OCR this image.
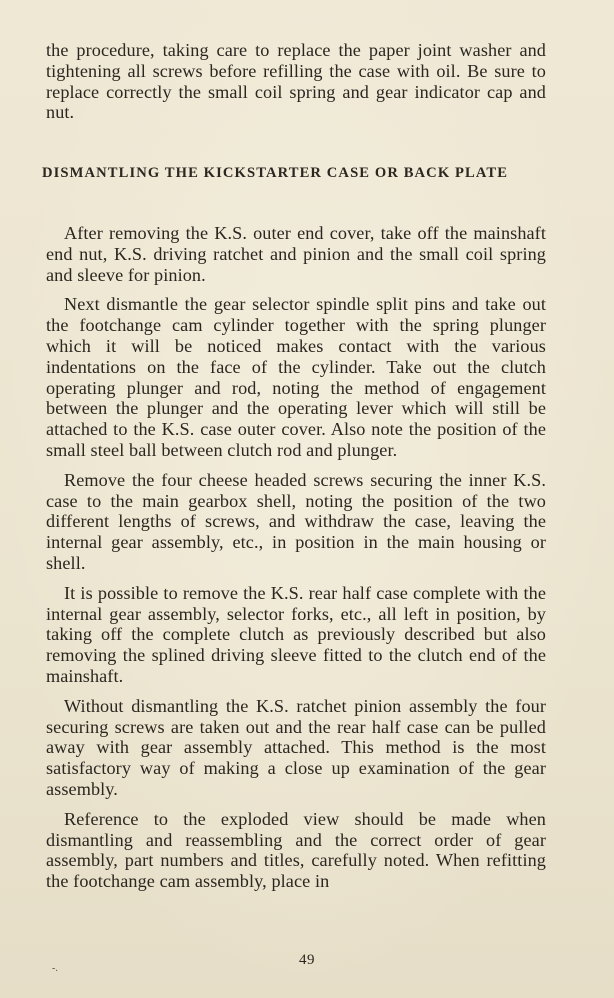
the procedure, taking care to replace the paper joint washer and tightening all screws before refilling the case with oil. Be sure to replace correctly the small coil spring and gear indicator cap and nut.

DISMANTLING THE KICKSTARTER CASE OR BACK PLATE

After removing the K.S. outer end cover, take off the mainshaft end nut, K.S. driving ratchet and pinion and the small coil spring and sleeve for pinion.

Next dismantle the gear selector spindle split pins and take out the footchange cam cylinder together with the spring plunger which it will be noticed makes contact with the various indentations on the face of the cylinder. Take out the clutch operating plunger and rod, noting the method of engagement between the plunger and the operating lever which will still be attached to the K.S. case outer cover. Also note the position of the small steel ball between clutch rod and plunger.

Remove the four cheese headed screws securing the inner K.S. case to the main gearbox shell, noting the position of the two different lengths of screws, and withdraw the case, leaving the internal gear assembly, etc., in position in the main housing or shell.

It is possible to remove the K.S. rear half case complete with the internal gear assembly, selector forks, etc., all left in position, by taking off the complete clutch as previously described but also removing the splined driving sleeve fitted to the clutch end of the mainshaft.

Without dismantling the K.S. ratchet pinion assembly the four securing screws are taken out and the rear half case can be pulled away with gear assembly attached. This method is the most satisfactory way of making a close up examination of the gear assembly.

Reference to the exploded view should be made when dismantling and reassembling and the correct order of gear assembly, part numbers and titles, carefully noted. When refitting the footchange cam assembly, place in

-.
49
